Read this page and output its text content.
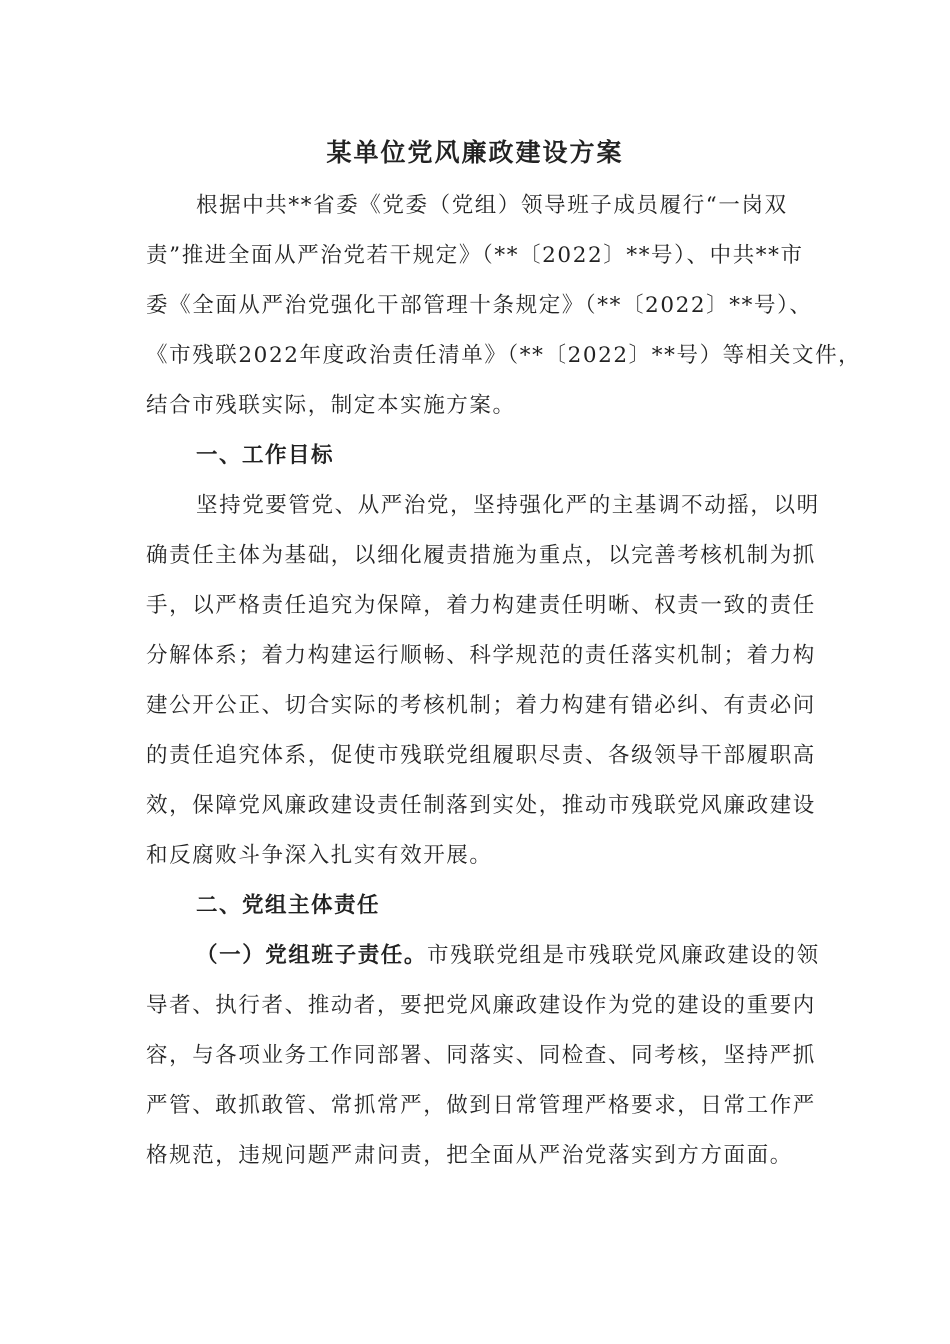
某单位党风廉政建设方案
根据中共**省委《党委（党组）领导班子成员履行“一岗双
责”推进全面从严治党若干规定》（**〔2022〕**号）、中共**市
委《全面从严治党强化干部管理十条规定》（**〔2022〕**号）、
《市残联2022年度政治责任清单》（**〔2022〕**号）等相关文件，
结合市残联实际，制定本实施方案。
一、工作目标
坚持党要管党、从严治党，坚持强化严的主基调不动摇，以明
确责任主体为基础，以细化履责措施为重点，以完善考核机制为抓
手，以严格责任追究为保障，着力构建责任明晰、权责一致的责任
分解体系；着力构建运行顺畅、科学规范的责任落实机制；着力构
建公开公正、切合实际的考核机制；着力构建有错必纠、有责必问
的责任追究体系，促使市残联党组履职尽责、各级领导干部履职高
效，保障党风廉政建设责任制落到实处，推动市残联党风廉政建设
和反腐败斗争深入扎实有效开展。
二、党组主体责任
（一）党组班子责任。市残联党组是市残联党风廉政建设的领
导者、执行者、推动者，要把党风廉政建设作为党的建设的重要内
容，与各项业务工作同部署、同落实、同检查、同考核，坚持严抓
严管、敢抓敢管、常抓常严，做到日常管理严格要求，日常工作严
格规范，违规问题严肃问责，把全面从严治党落实到方方面面。
